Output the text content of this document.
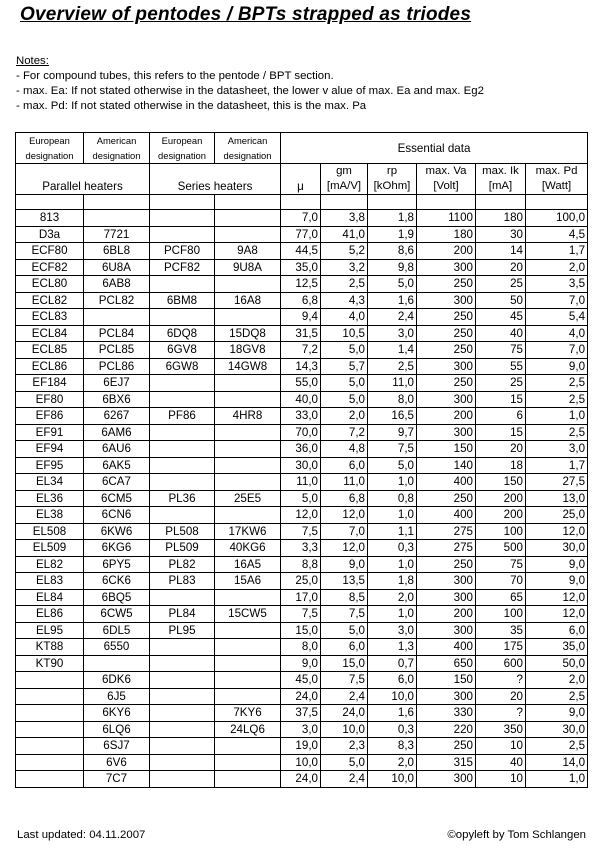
Overview of pentodes / BPTs strapped as triodes
Notes:
- For compound tubes, this refers to the pentode / BPT section.
- max. Ea: If not stated otherwise in the datasheet, the lower v alue of max. Ea and max. Eg2
- max. Pd: If not stated otherwise in the datasheet, this is the max. Pa
European designation	American designation	European designation	American designation	Essential data					
Parallel heaters		Series heaters		μ	gm [mA/V]	rp [kOhm]	max. Va [Volt]	max. Ik [mA]	max. Pd [Watt]

813				7,0	3,8	1,8	1100	180	100,0
D3a	7721			77,0	41,0	1,9	180	30	4,5
ECF80	6BL8	PCF80	9A8	44,5	5,2	8,6	200	14	1,7
ECF82	6U8A	PCF82	9U8A	35,0	3,2	9,8	300	20	2,0
ECL80	6AB8			12,5	2,5	5,0	250	25	3,5
ECL82	PCL82	6BM8	16A8	6,8	4,3	1,6	300	50	7,0
ECL83				9,4	4,0	2,4	250	45	5,4
ECL84	PCL84	6DQ8	15DQ8	31,5	10,5	3,0	250	40	4,0
ECL85	PCL85	6GV8	18GV8	7,2	5,0	1,4	250	75	7,0
ECL86	PCL86	6GW8	14GW8	14,3	5,7	2,5	300	55	9,0
EF184	6EJ7			55,0	5,0	11,0	250	25	2,5
EF80	6BX6			40,0	5,0	8,0	300	15	2,5
EF86	6267	PF86	4HR8	33,0	2,0	16,5	200	6	1,0
EF91	6AM6			70,0	7,2	9,7	300	15	2,5
EF94	6AU6			36,0	4,8	7,5	150	20	3,0
EF95	6AK5			30,0	6,0	5,0	140	18	1,7
EL34	6CA7			11,0	11,0	1,0	400	150	27,5
EL36	6CM5	PL36	25E5	5,0	6,8	0,8	250	200	13,0
EL38	6CN6			12,0	12,0	1,0	400	200	25,0
EL508	6KW6	PL508	17KW6	7,5	7,0	1,1	275	100	12,0
EL509	6KG6	PL509	40KG6	3,3	12,0	0,3	275	500	30,0
EL82	6PY5	PL82	16A5	8,8	9,0	1,0	250	75	9,0
EL83	6CK6	PL83	15A6	25,0	13,5	1,8	300	70	9,0
EL84	6BQ5			17,0	8,5	2,0	300	65	12,0
EL86	6CW5	PL84	15CW5	7,5	7,5	1,0	200	100	12,0
EL95	6DL5	PL95		15,0	5,0	3,0	300	35	6,0
KT88	6550			8,0	6,0	1,3	400	175	35,0
KT90				9,0	15,0	0,7	650	600	50,0
	6DK6			45,0	7,5	6,0	150	?	2,0
	6J5			24,0	2,4	10,0	300	20	2,5
	6KY6		7KY6	37,5	24,0	1,6	330	?	9,0
	6LQ6		24LQ6	3,0	10,0	0,3	220	350	30,0
	6SJ7			19,0	2,3	8,3	250	10	2,5
	6V6			10,0	5,0	2,0	315	40	14,0
	7C7			24,0	2,4	10,0	300	10	1,0
Last updated: 04.11.2007	©opyleft by Tom Schlangen
